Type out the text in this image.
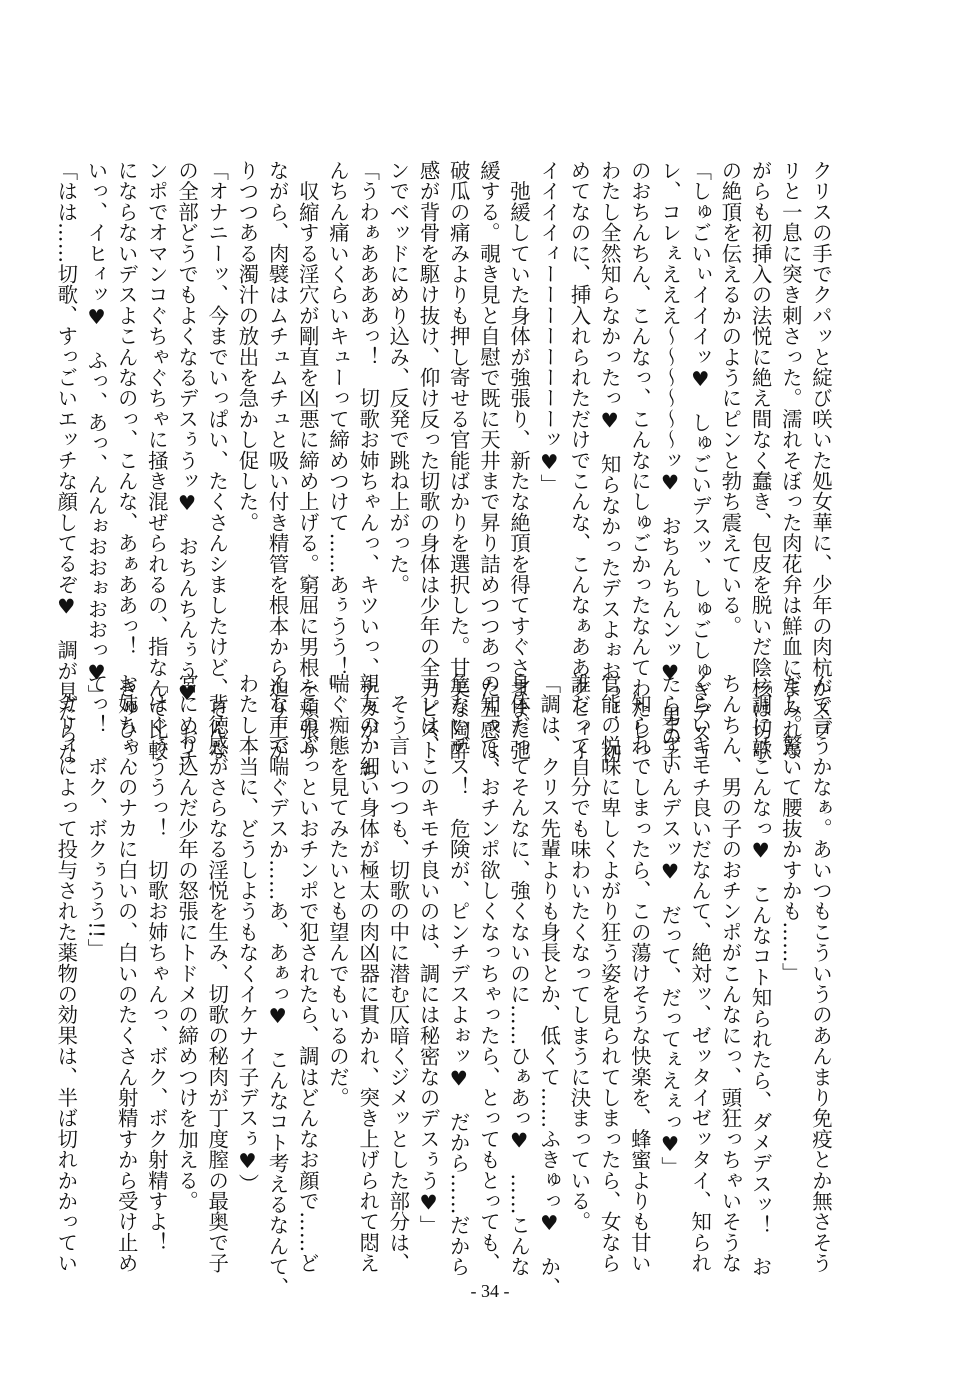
クリスの手でクパッと綻び咲いた処女華に、少年の肉杭がズブ

リと一息に突き刺さった。濡れそぼった肉花弁は鮮血にまみれな

がらも初挿入の法悦に絶え間なく蠢き、包皮を脱いだ陰核は切歌

の絶頂を伝えるかのようにピンと勃ち震えている。

「しゅごいぃイイイッ♥　しゅごいデスッ、しゅごしゅぎデスコ

レ、コレぇえええ～～～～～～ッ♥　おちんちんンッ♥　男の子

のおちんちん、こんなっ、こんなにしゅごかったなんてわたしっ、

わたし全然知らなかったっ♥　知らなかったデスよぉおっ！　初

めてなのに、挿入れられただけでこんな、こんなぁああクヒィイ

イイイイィーーーーーーーーッ♥」

　弛緩していた身体が強張り、新たな絶頂を得てすぐさままた弛

緩する。覗き見と自慰で既に天井まで昇り詰めつつあった五感は、

破瓜の痛みよりも押し寄せる官能ばかりを選択した。甘美な陶酔

感が背骨を駆け抜け、仰け反った切歌の身体は少年の全力ピスト

ンでベッドにめり込み、反発で跳ね上がった。

「うわぁああああっ！　切歌お姉ちゃんっ、キツいっ、ナカが、ち

んちん痛いくらいキューって締めつけて……あぅうう！」

　収縮する淫穴が剛直を凶悪に締め上げる。窮屈に男根を頬張り

ながら、肉襞はムチュムチュと吸い付き精管を根本から迫り上が

りつつある濁汁の放出を急かし促した。

「オナニーッ、今までいっぱい、たくさんシましたけど、そんな

の全部どうでもよくなるデスぅうッ♥　おちんちんぅう♥　おチ

ンポでオマンコぐちゃぐちゃに掻き混ぜられるの、指なんて比較

にならないデスよこんなのっ、こんな、あぁああっ！　きゅひっ、

いっ、イヒィッ♥　ふっ、あっ、んんぉおおぉおおっ♥」

「はは……切歌、すっごいエッチな顔してるぞ♥　調が見たらな

んて言うかなぁ。あいつもこういうのあんまり免疫とか無さそう

だし。驚いて腰抜かすかも……」

「調にはこんなっ♥　こんなコト知られたら、ダメデスッ！　お

ちんちん、男の子のおチンポがこんなにっ、頭狂っちゃいそうな

くらいキモチ良いだなんて、絶対ッ、ゼッタイゼッタイ、知られ

たらまずいんデスッ♥　だって、だってぇえぇっ♥」

　知られてしまったら、この蕩けそうな快楽を、蜂蜜よりも甘い

官能の悦味に卑しくよがり狂う姿を見られてしまったら、女なら

誰だって自分でも味わいたくなってしまうに決まっている。

「調は、クリス先輩よりも身長とか、低くて……ふきゅっ♥　か、

身体だってそんなに、強くないのに……ひぁあっ♥　……こんな

の知って、おチンポ欲しくなっちゃったら、とってもとっても、

危ないデス！　危険が、ピンチデスよぉッ♥　だから……だから

コレは、このキモチ良いのは、調には秘密なのデスぅう♥」

　そう言いつつも、切歌の中に潜む仄暗くジメッとした部分は、

親友のか細い身体が極太の肉凶器に貫かれ、突き上げられて悶え

喘ぐ痴態を見てみたいとも望んでもいるのだ。

（このぶっといおチンポで犯されたら、調はどんなお顔で……ど

んな声で喘ぐデスか……あ、あぁっ♥　こんなコト考えるなんて、

わたし本当に、どうしようもなくイケナイ子デスぅ♥）

　背徳感がさらなる淫悦を生み、切歌の秘肉が丁度膣の最奥で子

宮にめり込んだ少年の怒張にトドメの締めつけを加える。

「はぐぅううっ！　切歌お姉ちゃんっ、ボク、ボク射精すよ！

お姉ちゃんのナカに白いの、白いのたくさん射精すから受け止め

てっ！　ボク、ボクぅうう!!」

　ガリィによって投与された薬物の効果は、半ば切れかかってい

- 34 -
